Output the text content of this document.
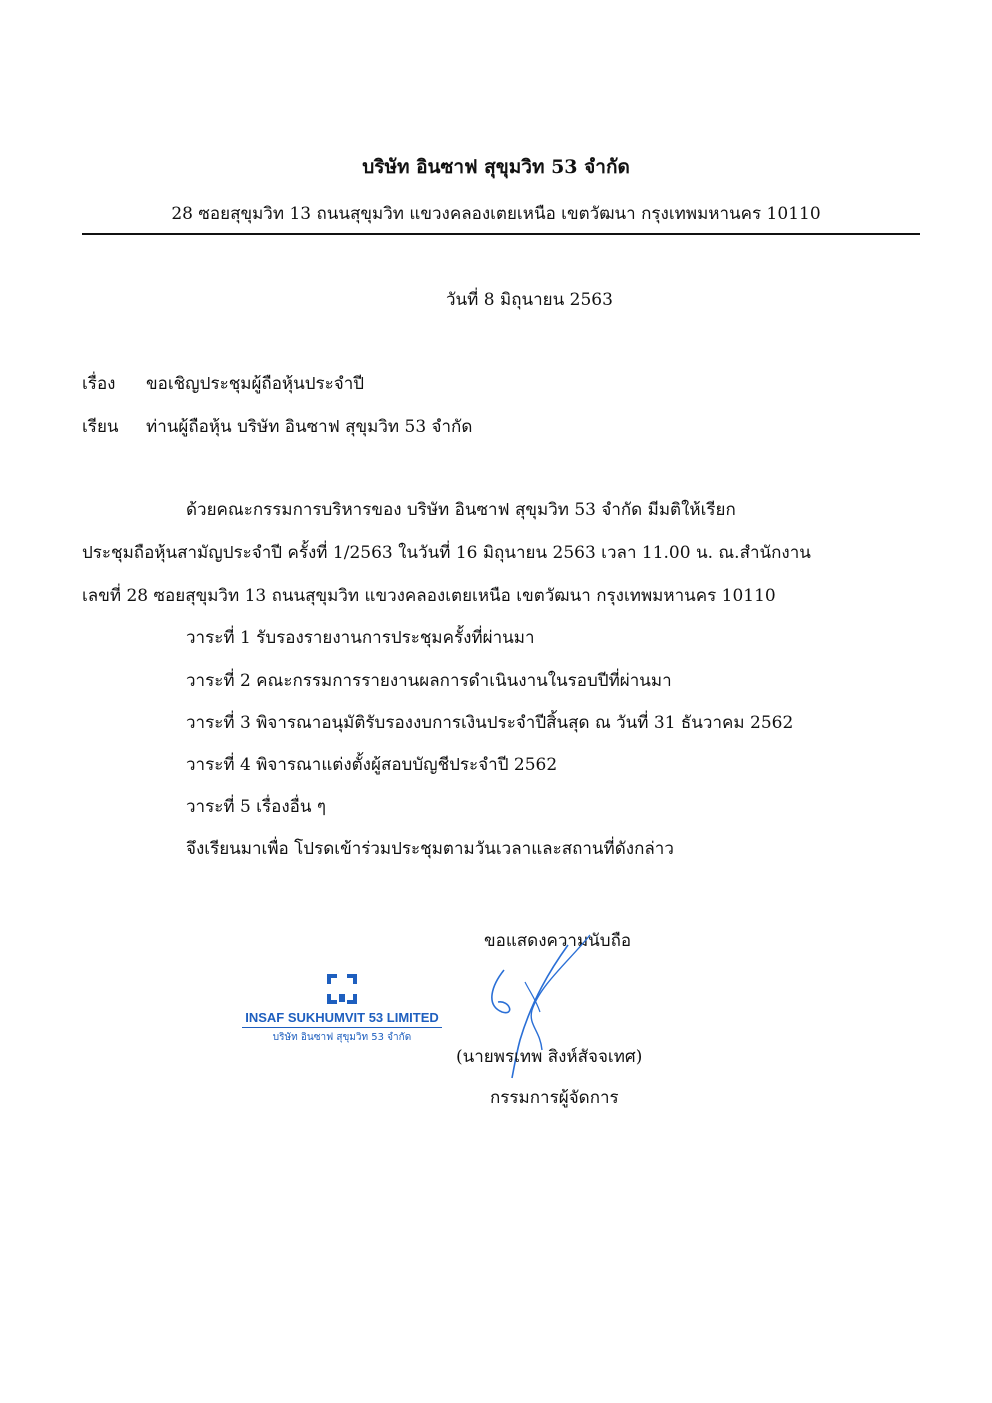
บริษัท อินซาฟ สุขุมวิท 53 จำกัด
28 ซอยสุขุมวิท 13 ถนนสุขุมวิท แขวงคลองเตยเหนือ เขตวัฒนา กรุงเทพมหานคร 10110
วันที่ 8 มิถุนายน 2563
เรื่อง ขอเชิญประชุมผู้ถือหุ้นประจำปี
เรียน ท่านผู้ถือหุ้น บริษัท อินซาฟ สุขุมวิท 53 จำกัด
ด้วยคณะกรรมการบริหารของ บริษัท อินซาฟ สุขุมวิท 53 จำกัด มีมติให้เรียก
ประชุมถือหุ้นสามัญประจำปี ครั้งที่ 1/2563 ในวันที่ 16 มิถุนายน 2563 เวลา 11.00 น. ณ.สำนักงาน
เลขที่ 28 ซอยสุขุมวิท 13 ถนนสุขุมวิท แขวงคลองเตยเหนือ เขตวัฒนา กรุงเทพมหานคร 10110
วาระที่ 1 รับรองรายงานการประชุมครั้งที่ผ่านมา
วาระที่ 2 คณะกรรมการรายงานผลการดำเนินงานในรอบปีที่ผ่านมา
วาระที่ 3 พิจารณาอนุมัติรับรองงบการเงินประจำปีสิ้นสุด ณ วันที่ 31 ธันวาคม 2562
วาระที่ 4 พิจารณาแต่งตั้งผู้สอบบัญชีประจำปี 2562
วาระที่ 5 เรื่องอื่น ๆ
จึงเรียนมาเพื่อ โปรดเข้าร่วมประชุมตามวันเวลาและสถานที่ดังกล่าว
ขอแสดงความนับถือ
(นายพรเทพ สิงห์สัจจเทศ)
กรรมการผู้จัดการ
INSAF SUKHUMVIT 53 LIMITED
บริษัท อินซาฟ สุขุมวิท 53 จำกัด
